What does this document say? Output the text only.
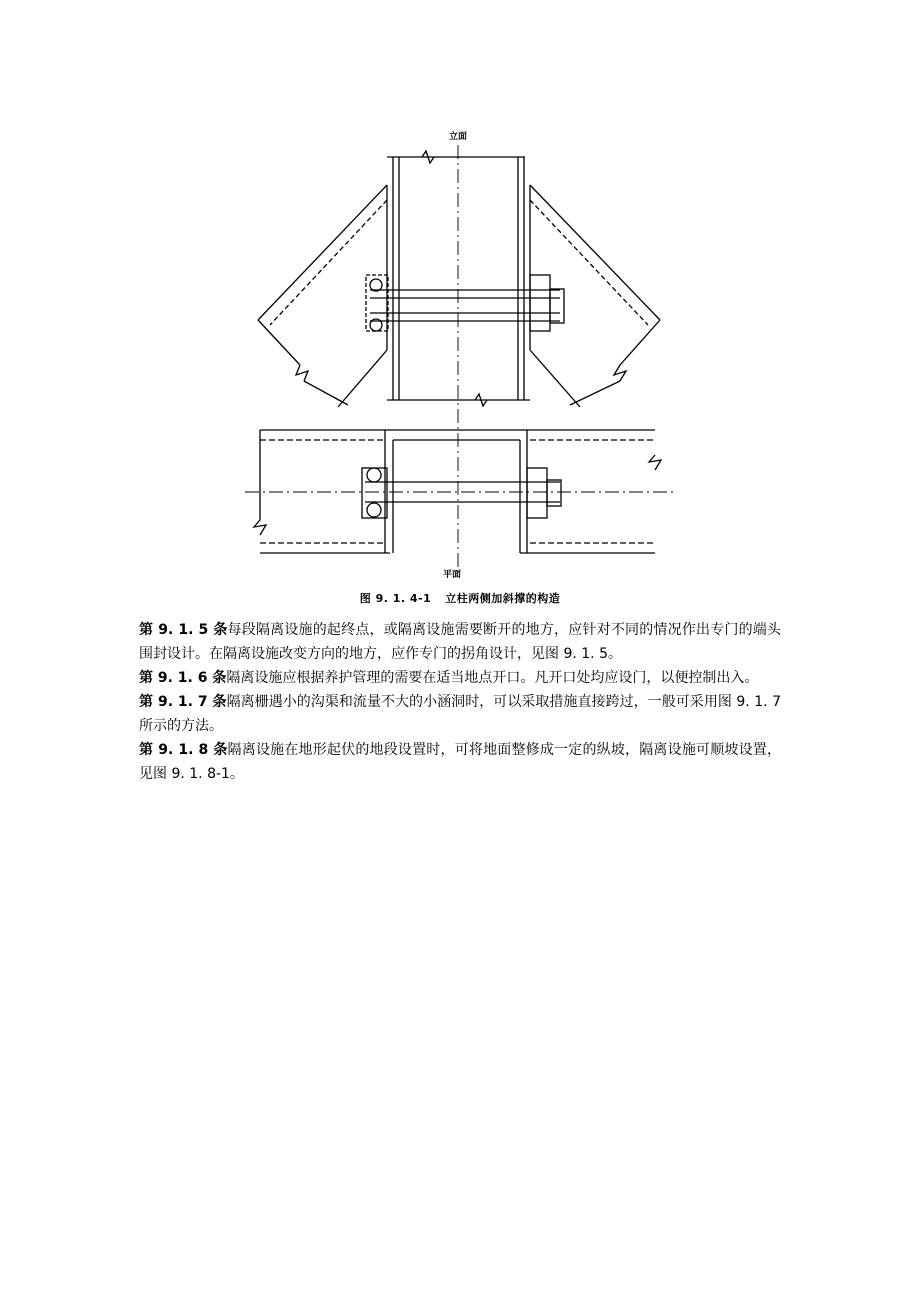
立面
平面
图 9. 1. 4-1 立柱两侧加斜撑的构造

第 9. 1. 5 条每段隔离设施的起终点，或隔离设施需要断开的地方，应针对不同的情况作出专门的端头围封设计。在隔离设施改变方向的地方，应作专门的拐角设计，见图 9. 1. 5。

第 9. 1. 6 条隔离设施应根据养护管理的需要在适当地点开口。凡开口处均应设门，以便控制出入。

第 9. 1. 7 条隔离栅遇小的沟渠和流量不大的小涵洞时，可以采取措施直接跨过，一般可采用图 9. 1. 7 所示的方法。

第 9. 1. 8 条隔离设施在地形起伏的地段设置时，可将地面整修成一定的纵坡，隔离设施可顺坡设置，见图 9. 1. 8-1。
